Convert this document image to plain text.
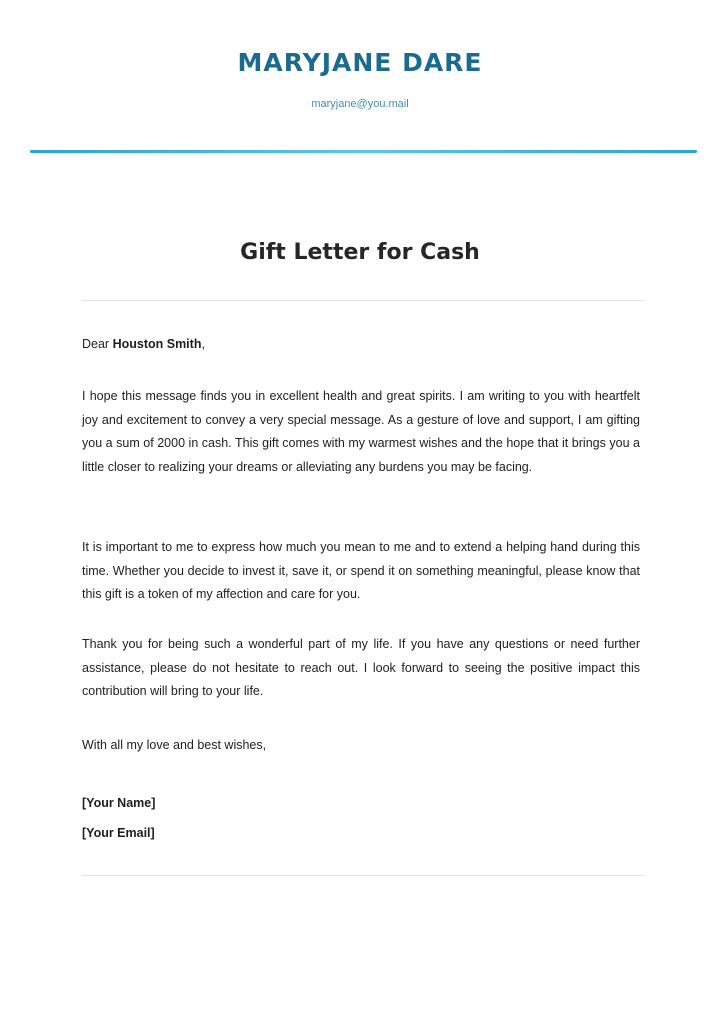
MARYJANE DARE
maryjane@you.mail
Gift Letter for Cash
Dear Houston Smith,

I hope this message finds you in excellent health and great spirits. I am writing to you with heartfelt joy and excitement to convey a very special message. As a gesture of love and support, I am gifting you a sum of 2000 in cash. This gift comes with my warmest wishes and the hope that it brings you a little closer to realizing your dreams or alleviating any burdens you may be facing.

It is important to me to express how much you mean to me and to extend a helping hand during this time. Whether you decide to invest it, save it, or spend it on something meaningful, please know that this gift is a token of my affection and care for you.

Thank you for being such a wonderful part of my life. If you have any questions or need further assistance, please do not hesitate to reach out. I look forward to seeing the positive impact this contribution will bring to your life.

With all my love and best wishes,
[Your Name]
[Your Email]
